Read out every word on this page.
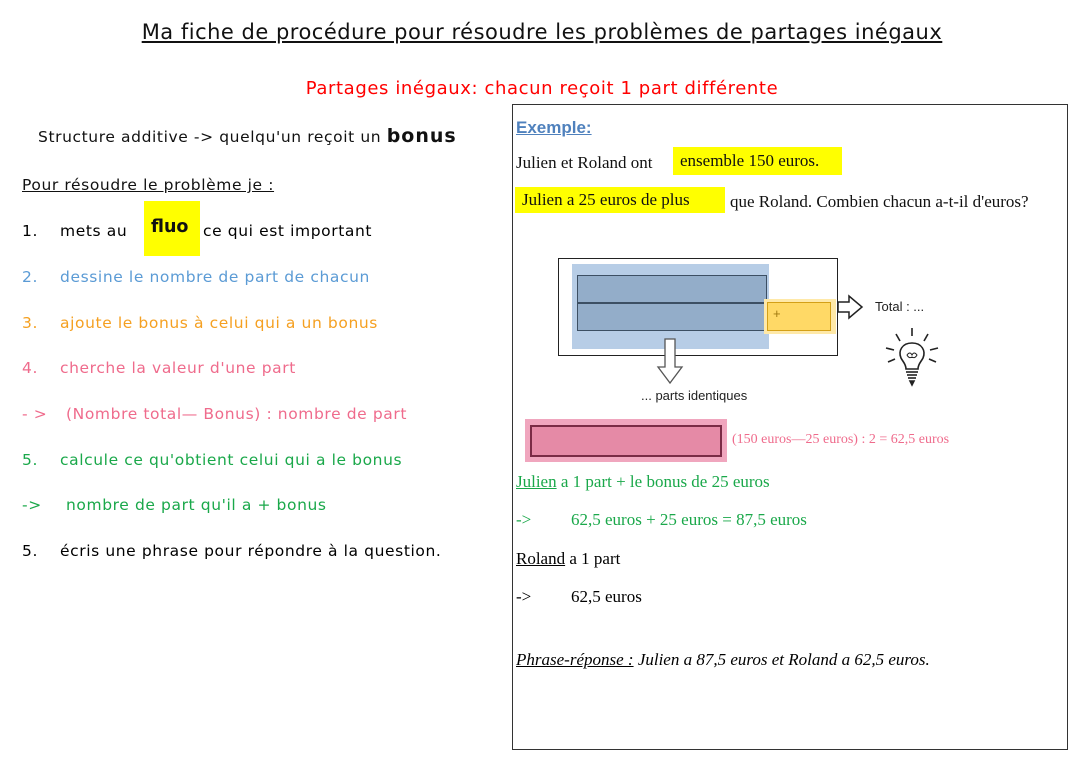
Ma fiche de procédure pour résoudre les problèmes de partages inégaux
Partages inégaux: chacun reçoit 1 part différente
Structure additive -> quelqu'un reçoit un bonus
Pour résoudre le problème je :
fluo
1. mets au	ce qui est important
2. dessine le nombre de part de chacun
3. ajoute le bonus à celui qui a un bonus
4. cherche la valeur d'une part
- > (Nombre total— Bonus) : nombre de part
5. calcule ce qu'obtient celui qui a le bonus
-> nombre de part qu'il a + bonus
5. écris une phrase pour répondre à la question.
Exemple:
Julien et Roland ont ensemble 150 euros.
Julien a 25 euros de plus que Roland. Combien chacun a-t-il d'euros?
+	Total : ...
... parts identiques
(150 euros—25 euros) : 2 = 62,5 euros
Julien a 1 part + le bonus de 25 euros
-> 62,5 euros + 25 euros = 87,5 euros
Roland a 1 part
-> 62,5 euros
Phrase-réponse : Julien a 87,5 euros et Roland a 62,5 euros.
